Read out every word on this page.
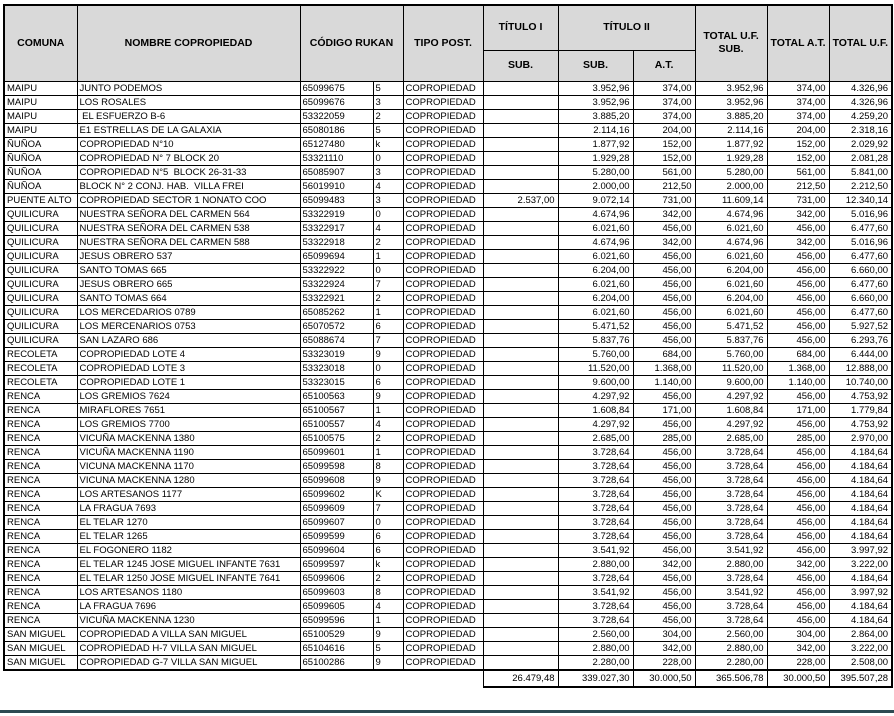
COMUNA	NOMBRE COPROPIEDAD	CÓDIGO RUKAN		TIPO POST.	TÍTULO I	TÍTULO II		TOTAL U.F. SUB.	TOTAL A.T.	TOTAL U.F.
					SUB.	SUB.	A.T.			
MAIPU	JUNTO PODEMOS	65099675	5	COPROPIEDAD		3.952,96	374,00	3.952,96	374,00	4.326,96
MAIPU	LOS ROSALES	65099676	3	COPROPIEDAD		3.952,96	374,00	3.952,96	374,00	4.326,96
MAIPU	EL ESFUERZO B-6	53322059	2	COPROPIEDAD		3.885,20	374,00	3.885,20	374,00	4.259,20
MAIPU	E1 ESTRELLAS DE LA GALAXIA	65080186	5	COPROPIEDAD		2.114,16	204,00	2.114,16	204,00	2.318,16
ÑUÑOA	COPROPIEDAD N°10	65127480	k	COPROPIEDAD		1.877,92	152,00	1.877,92	152,00	2.029,92
ÑUÑOA	COPROPIEDAD N° 7 BLOCK 20	53321110	0	COPROPIEDAD		1.929,28	152,00	1.929,28	152,00	2.081,28
ÑUÑOA	COPROPIEDAD N°5  BLOCK 26-31-33	65085907	3	COPROPIEDAD		5.280,00	561,00	5.280,00	561,00	5.841,00
ÑUÑOA	BLOCK N° 2 CONJ. HAB.  VILLA FREI	56019910	4	COPROPIEDAD		2.000,00	212,50	2.000,00	212,50	2.212,50
PUENTE ALTO	COPROPIEDAD SECTOR 1 NONATO COO	65099483	3	COPROPIEDAD	2.537,00	9.072,14	731,00	11.609,14	731,00	12.340,14
QUILICURA	NUESTRA SEÑORA DEL CARMEN 564	53322919	0	COPROPIEDAD		4.674,96	342,00	4.674,96	342,00	5.016,96
QUILICURA	NUESTRA SEÑORA DEL CARMEN 538	53322917	4	COPROPIEDAD		6.021,60	456,00	6.021,60	456,00	6.477,60
QUILICURA	NUESTRA SEÑORA DEL CARMEN 588	53322918	2	COPROPIEDAD		4.674,96	342,00	4.674,96	342,00	5.016,96
QUILICURA	JESUS OBRERO 537	65099694	1	COPROPIEDAD		6.021,60	456,00	6.021,60	456,00	6.477,60
QUILICURA	SANTO TOMAS 665	53322922	0	COPROPIEDAD		6.204,00	456,00	6.204,00	456,00	6.660,00
QUILICURA	JESUS OBRERO 665	53322924	7	COPROPIEDAD		6.021,60	456,00	6.021,60	456,00	6.477,60
QUILICURA	SANTO TOMAS 664	53322921	2	COPROPIEDAD		6.204,00	456,00	6.204,00	456,00	6.660,00
QUILICURA	LOS MERCEDARIOS 0789	65085262	1	COPROPIEDAD		6.021,60	456,00	6.021,60	456,00	6.477,60
QUILICURA	LOS MERCENARIOS 0753	65070572	6	COPROPIEDAD		5.471,52	456,00	5.471,52	456,00	5.927,52
QUILICURA	SAN LAZARO 686	65088674	7	COPROPIEDAD		5.837,76	456,00	5.837,76	456,00	6.293,76
RECOLETA	COPROPIEDAD LOTE 4	53323019	9	COPROPIEDAD		5.760,00	684,00	5.760,00	684,00	6.444,00
RECOLETA	COPROPIEDAD LOTE 3	53323018	0	COPROPIEDAD		11.520,00	1.368,00	11.520,00	1.368,00	12.888,00
RECOLETA	COPROPIEDAD LOTE 1	53323015	6	COPROPIEDAD		9.600,00	1.140,00	9.600,00	1.140,00	10.740,00
RENCA	LOS GREMIOS 7624	65100563	9	COPROPIEDAD		4.297,92	456,00	4.297,92	456,00	4.753,92
RENCA	MIRAFLORES 7651	65100567	1	COPROPIEDAD		1.608,84	171,00	1.608,84	171,00	1.779,84
RENCA	LOS GREMIOS 7700	65100557	4	COPROPIEDAD		4.297,92	456,00	4.297,92	456,00	4.753,92
RENCA	VICUÑA MACKENNA 1380	65100575	2	COPROPIEDAD		2.685,00	285,00	2.685,00	285,00	2.970,00
RENCA	VICUÑA MACKENNA 1190	65099601	1	COPROPIEDAD		3.728,64	456,00	3.728,64	456,00	4.184,64
RENCA	VICUNA MACKENNA 1170	65099598	8	COPROPIEDAD		3.728,64	456,00	3.728,64	456,00	4.184,64
RENCA	VICUNA MACKENNA 1280	65099608	9	COPROPIEDAD		3.728,64	456,00	3.728,64	456,00	4.184,64
RENCA	LOS ARTESANOS 1177	65099602	K	COPROPIEDAD		3.728,64	456,00	3.728,64	456,00	4.184,64
RENCA	LA FRAGUA 7693	65099609	7	COPROPIEDAD		3.728,64	456,00	3.728,64	456,00	4.184,64
RENCA	EL TELAR 1270	65099607	0	COPROPIEDAD		3.728,64	456,00	3.728,64	456,00	4.184,64
RENCA	EL TELAR 1265	65099599	6	COPROPIEDAD		3.728,64	456,00	3.728,64	456,00	4.184,64
RENCA	EL FOGONERO 1182	65099604	6	COPROPIEDAD		3.541,92	456,00	3.541,92	456,00	3.997,92
RENCA	EL TELAR 1245 JOSE MIGUEL INFANTE 7631	65099597	k	COPROPIEDAD		2.880,00	342,00	2.880,00	342,00	3.222,00
RENCA	EL TELAR 1250 JOSE MIGUEL INFANTE 7641	65099606	2	COPROPIEDAD		3.728,64	456,00	3.728,64	456,00	4.184,64
RENCA	LOS ARTESANOS 1180	65099603	8	COPROPIEDAD		3.541,92	456,00	3.541,92	456,00	3.997,92
RENCA	LA FRAGUA 7696	65099605	4	COPROPIEDAD		3.728,64	456,00	3.728,64	456,00	4.184,64
RENCA	VICUÑA MACKENNA 1230	65099596	1	COPROPIEDAD		3.728,64	456,00	3.728,64	456,00	4.184,64
SAN MIGUEL	COPROPIEDAD A VILLA SAN MIGUEL	65100529	9	COPROPIEDAD		2.560,00	304,00	2.560,00	304,00	2.864,00
SAN MIGUEL	COPROPIEDAD H-7 VILLA SAN MIGUEL	65104616	5	COPROPIEDAD		2.880,00	342,00	2.880,00	342,00	3.222,00
SAN MIGUEL	COPROPIEDAD G-7 VILLA SAN MIGUEL	65100286	9	COPROPIEDAD		2.280,00	228,00	2.280,00	228,00	2.508,00
					26.479,48	339.027,30	30.000,50	365.506,78	30.000,50	395.507,28
